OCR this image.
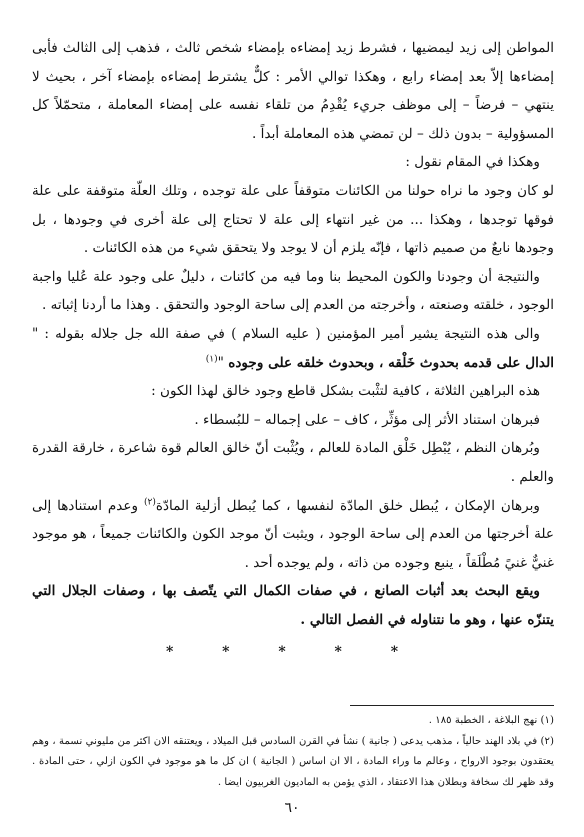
المواطن إلى زيد ليمضيها ، فشرط زيد إمضاءه بإمضاء شخص ثالث ، فذهب إلى الثالث فأبى إمضاءها إلاّ بعد إمضاء رابع ، وهكذا توالي الأمر : كلٌّ يشترط إمضاءه بإمضاء آخر ، بحيث لا ينتهي – فرضاً – إلى موظف جريء يُقْدِمُ من تلقاء نفسه على إمضاء المعاملة ، متحمّلاً كل المسؤولية – بدون ذلك – لن تمضي هذه المعاملة أبداً .

وهكذا في المقام نقول :

لو كان وجود ما نراه حولنا من الكائنات متوقفاً على علة توجده ، وتلك العلّة متوقفة على علة فوقها توجدها ، وهكذا ... من غير انتهاء إلى علة لا تحتاج إلى علة أخرى في وجودها ، بل وجودها نابعٌ من صميم ذاتها ، فإنّه يلزم أن لا يوجد ولا يتحقق شيء من هذه الكائنات .

والنتيجة أن وجودنا والكون المحيط بنا وما فيه من كائنات ، دليلٌ على وجود علة عُليا واجبة الوجود ، خلقته وصنعته ، وأخرجته من العدم إلى ساحة الوجود والتحقق . وهذا ما أردنا إثباته .

والى هذه النتيجة يشير أمير المؤمنين ( عليه السلام ) في صفة الله جل جلاله بقوله : " الدال على قدمه بحدوث خَلْقه ، وبحدوث خلقه على وجوده "$^{(١)}$

هذه البراهين الثلاثة ، كافية لتثْبت بشكل قاطع وجود خالق لهذا الكون :

فبرهان استناد الأثر إلى مؤثِّر ، كاف – على إجماله – للبُسطاء .

وبُرهان النظم ، يُبْطِل خَلْق المادة للعالم ، ويُثْبت أنّ خالق العالم قوة شاعرة ، خارقة القدرة والعلم .

وبرهان الإمكان ، يُبطل خلق المادّة لنفسها ، كما يُبطل أزلية المادّة$^{(٢)}$ وعدم استنادها إلى علة أخرجتها من العدم إلى ساحة الوجود ، ويثبت أنّ موجد الكون والكائنات جميعاً ، هو موجود غنيٌّ غنيً مُطْلَقاً ، ينبع وجوده من ذاته ، ولم يوجده أحد .

ويقع البحث بعد أثبات الصانع ، في صفات الكمال التي يتّصف بها ، وصفات الجلال التي يتنزّه عنها ، وهو ما نتناوله في الفصل التالي .

* * * * *

(١) نهج البلاغة ، الخطبة ١٨٥ .

(٢) في بلاد الهند حالياً ، مذهب يدعى ( جانية ) نشأ في القرن السادس قبل الميلاد ، ويعتنقه الان اكثر من مليوني نسمة ، وهم يعتقدون بوجود الارواح ، وعالم ما وراء المادة ، الا ان اساس ( الجانية ) ان كل ما هو موجود في الكون ازلي ، حتى المادة . وقد ظهر لك سخافة وبطلان هذا الاعتقاد ، الذي يؤمن به الماديون الغربيون ايضا .

٦٠
